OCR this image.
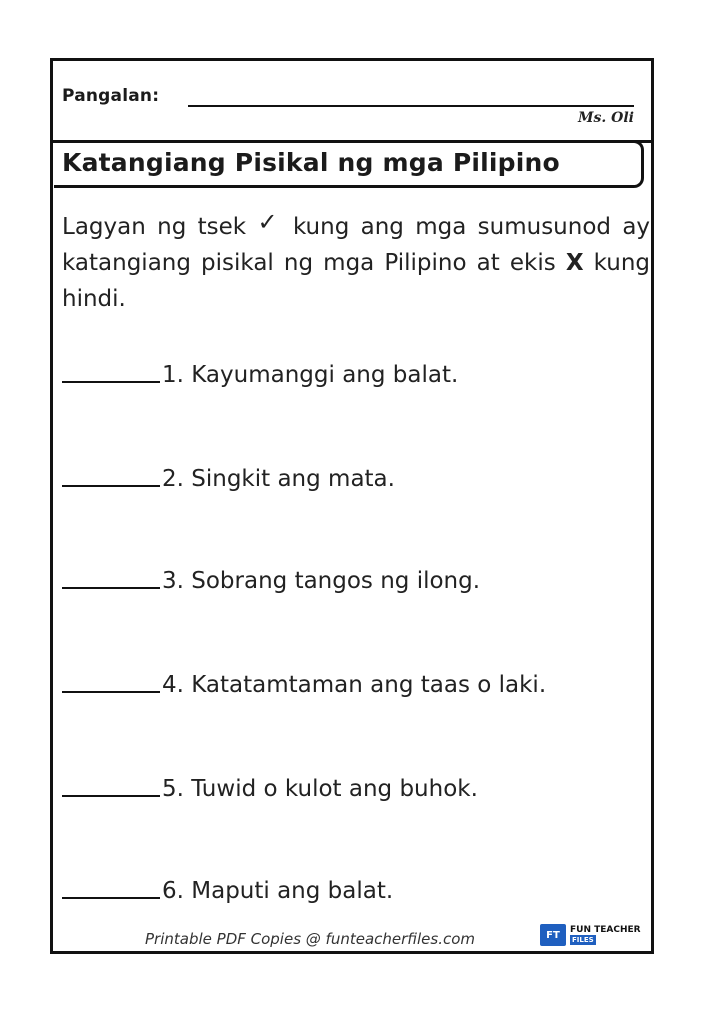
Pangalan:
Ms. Oli
Katangiang Pisikal ng mga Pilipino
Lagyan ng tsek ✓ kung ang mga sumusunod ay katangiang pisikal ng mga Pilipino at ekis X kung hindi.
1. Kayumanggi ang balat.
2. Singkit ang mata.
3. Sobrang tangos ng ilong.
4. Katatamtaman ang taas o laki.
5. Tuwid o kulot ang buhok.
6. Maputi ang balat.
Printable PDF Copies @ funteacherfiles.com	FT	FUN TEACHER
FILES
